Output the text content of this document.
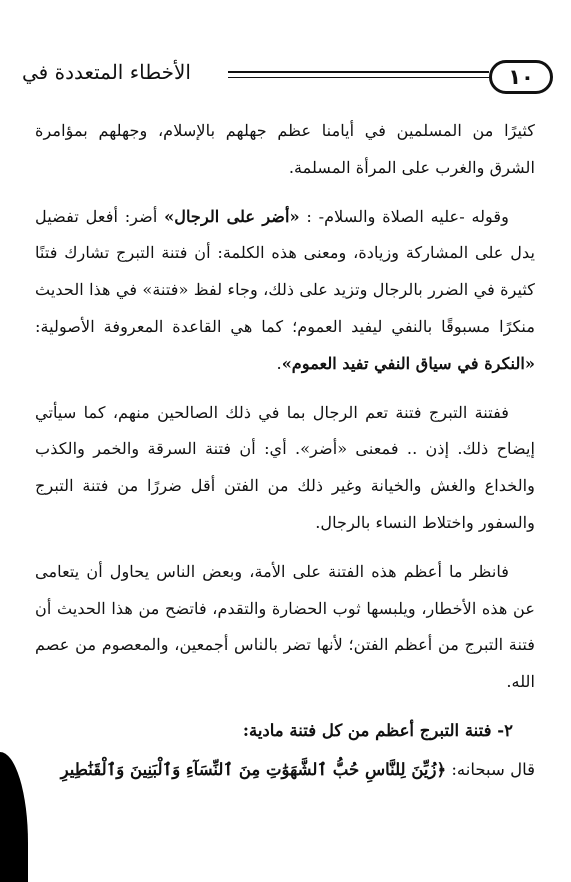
١٠
الأخطاء المتعددة في

كثيرًا من المسلمين في أيامنا عظم جهلهم بالإسلام، وجهلهم بمؤامرة الشرق والغرب على المرأة المسلمة.

وقوله -عليه الصلاة والسلام- : «أضر على الرجال» أضر: أفعل تفضيل يدل على المشاركة وزيادة، ومعنى هذه الكلمة: أن فتنة التبرج تشارك فتنًا كثيرة في الضرر بالرجال وتزيد على ذلك، وجاء لفظ «فتنة» في هذا الحديث منكرًا مسبوقًا بالنفي ليفيد العموم؛ كما هي القاعدة المعروفة الأصولية: «النكرة في سياق النفي تفيد العموم».

ففتنة التبرج فتنة تعم الرجال بما في ذلك الصالحين منهم، كما سيأتي إيضاح ذلك. إذن .. فمعنى «أضر». أي: أن فتنة السرقة والخمر والكذب والخداع والغش والخيانة وغير ذلك من الفتن أقل ضررًا من فتنة التبرج والسفور واختلاط النساء بالرجال.

فانظر ما أعظم هذه الفتنة على الأمة، وبعض الناس يحاول أن يتعامى عن هذه الأخطار، ويلبسها ثوب الحضارة والتقدم، فاتضح من هذا الحديث أن فتنة التبرج من أعظم الفتن؛ لأنها تضر بالناس أجمعين، والمعصوم من عصم الله.

٢- فتنة التبرج أعظم من كل فتنة مادية:

قال سبحانه: ﴿زُيِّنَ لِلنَّاسِ حُبُّ ٱلشَّهَوَٰتِ مِنَ ٱلنِّسَآءِ وَٱلْبَنِينَ وَٱلْقَنَٰطِيرِ
